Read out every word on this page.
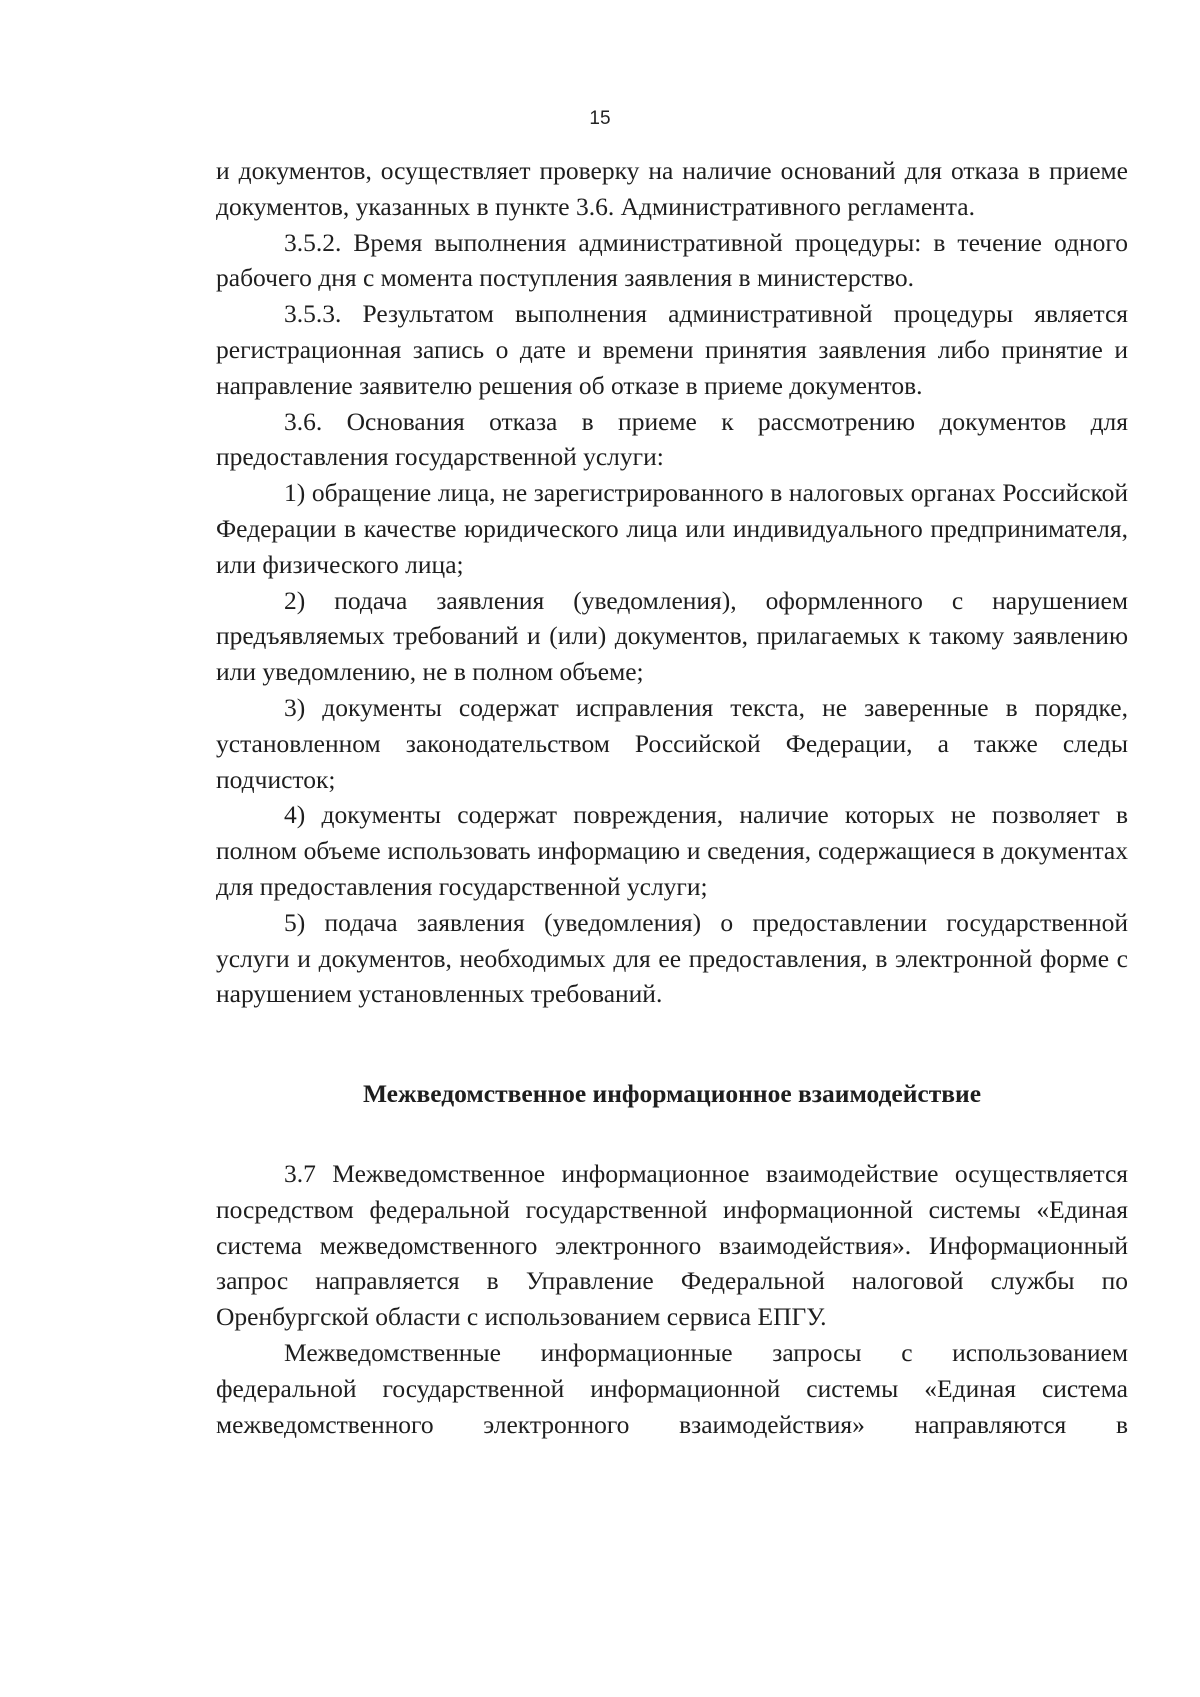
15

и документов, осуществляет проверку на наличие оснований для отказа в приеме документов, указанных в пункте 3.6. Административного регламента.

3.5.2. Время выполнения административной процедуры: в течение одного рабочего дня с момента поступления заявления в министерство.

3.5.3. Результатом выполнения административной процедуры является регистрационная запись о дате и времени принятия заявления либо принятие и направление заявителю решения об отказе в приеме документов.

3.6. Основания отказа в приеме к рассмотрению документов для предоставления государственной услуги:

1) обращение лица, не зарегистрированного в налоговых органах Российской Федерации в качестве юридического лица или индивидуального предпринимателя, или физического лица;

2) подача заявления (уведомления), оформленного с нарушением предъявляемых требований и (или) документов, прилагаемых к такому заявлению или уведомлению, не в полном объеме;

3) документы содержат исправления текста, не заверенные в порядке, установленном законодательством Российской Федерации, а также следы подчисток;

4) документы содержат повреждения, наличие которых не позволяет в полном объеме использовать информацию и сведения, содержащиеся в документах для предоставления государственной услуги;

5) подача заявления (уведомления) о предоставлении государственной услуги и документов, необходимых для ее предоставления, в электронной форме с нарушением установленных требований.

Межведомственное информационное взаимодействие

3.7 Межведомственное информационное взаимодействие осуществляется посредством федеральной государственной информационной системы «Единая система межведомственного электронного взаимодействия». Информационный запрос направляется в Управление Федеральной налоговой службы по Оренбургской области с использованием сервиса ЕПГУ.

Межведомственные информационные запросы с использованием федеральной государственной информационной системы «Единая система межведомственного электронного взаимодействия» направляются в
